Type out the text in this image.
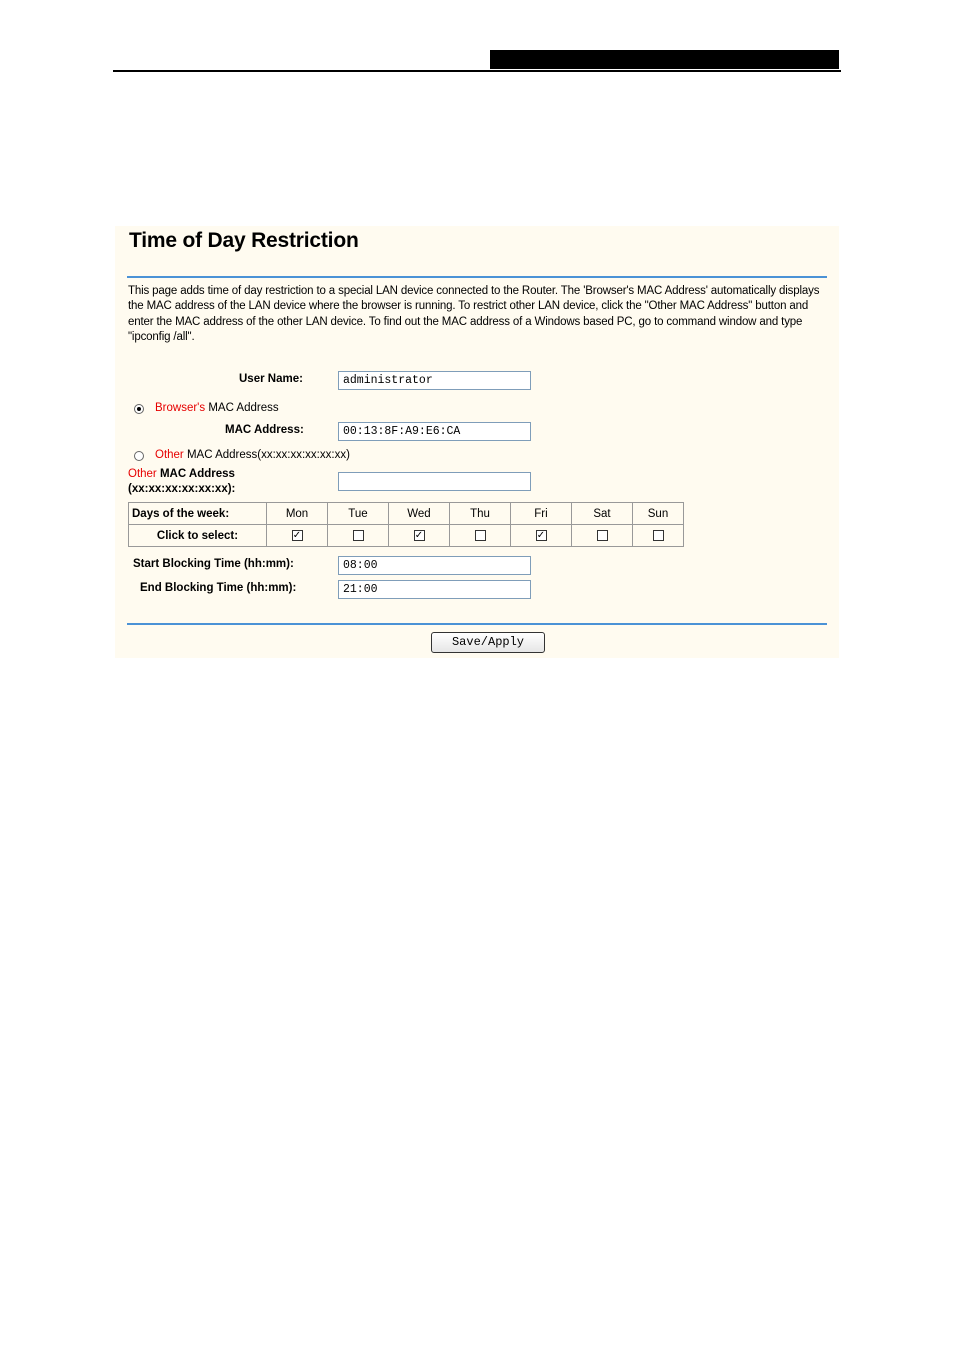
Time of Day Restriction
This page adds time of day restriction to a special LAN device connected to the Router. The 'Browser's MAC Address' automatically displays the MAC address of the LAN device where the browser is running. To restrict other LAN device, click the "Other MAC Address" button and enter the MAC address of the other LAN device. To find out the MAC address of a Windows based PC, go to command window and type "ipconfig /all".
User Name:	administrator
Browser's MAC Address
MAC Address:	00:13:8F:A9:E6:CA
Other MAC Address(xx:xx:xx:xx:xx:xx)
Other MAC Address
(xx:xx:xx:xx:xx:xx):
Days of the week:	Mon	Tue	Wed	Thu	Fri	Sat	Sun
Click to select:	✓		✓		✓		
Start Blocking Time (hh:mm):	08:00
End Blocking Time (hh:mm):	21:00
Save/Apply
